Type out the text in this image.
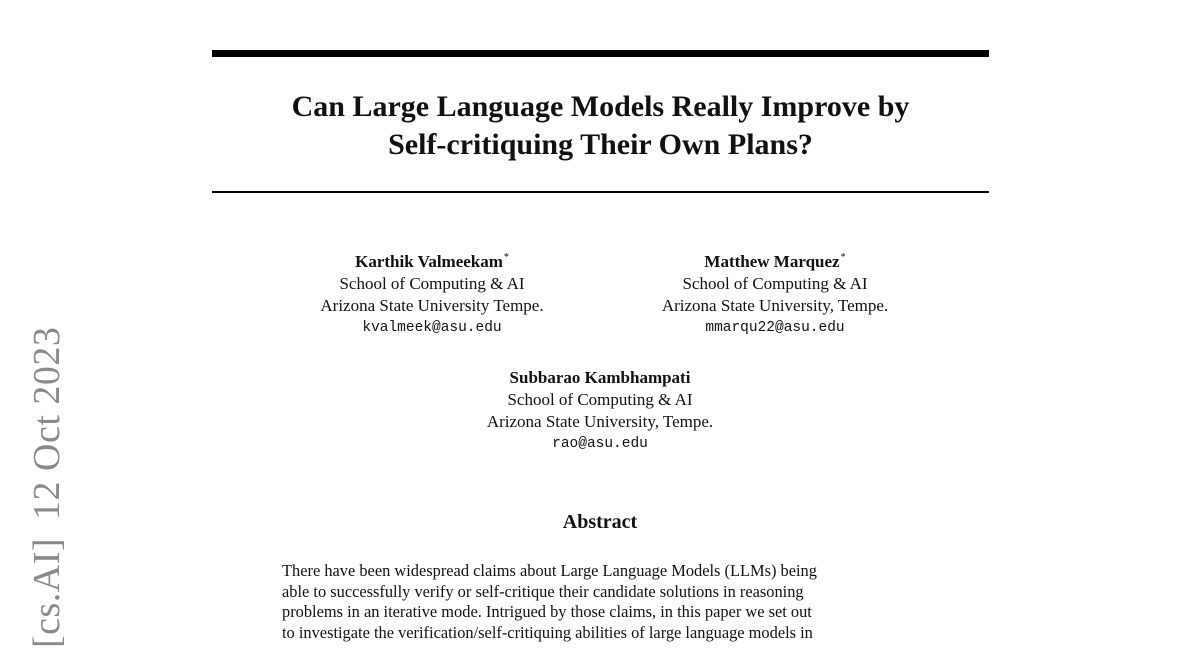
Can Large Language Models Really Improve by
Self-critiquing Their Own Plans?
Karthik Valmeekam*
School of Computing & AI
Arizona State University Tempe.
kvalmeek@asu.edu
Matthew Marquez*
School of Computing & AI
Arizona State University, Tempe.
mmarqu22@asu.edu
Subbarao Kambhampati
School of Computing & AI
Arizona State University, Tempe.
rao@asu.edu
Abstract
There have been widespread claims about Large Language Models (LLMs) being
able to successfully verify or self-critique their candidate solutions in reasoning
problems in an iterative mode. Intrigued by those claims, in this paper we set out
to investigate the verification/self-critiquing abilities of large language models in
[cs.AI]12 Oct 2023
